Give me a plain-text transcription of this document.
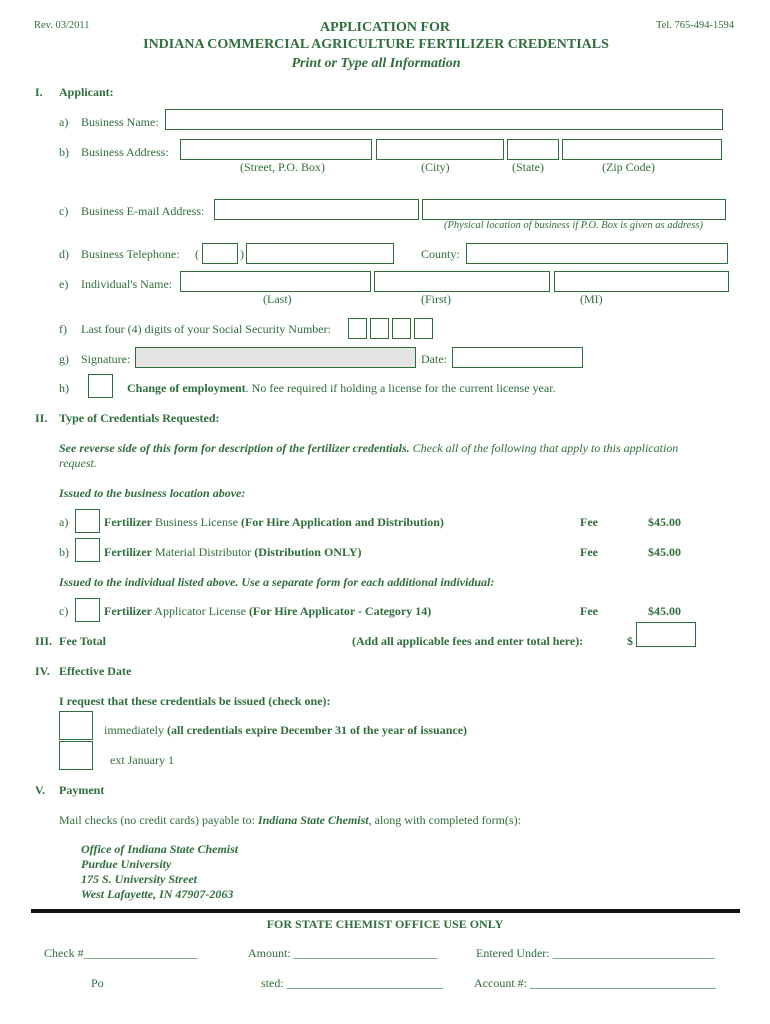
Rev. 03/2011	Tel. 765-494-1594
APPLICATION FOR
INDIANA COMMERCIAL AGRICULTURE FERTILIZER CREDENTIALS
Print or Type all Information
I. Applicant:
a) Business Name:
b) Business Address:
(Street, P.O. Box)	(City)	(State)	(Zip Code)
c) Business E-mail Address:
(Physical location of business if P.O. Box is given as address)
d) Business Telephone: (	)	County:
e) Individual's Name:
(Last)	(First)	(MI)
f) Last four (4) digits of your Social Security Number:
g) Signature:	Date:
h)	Change of employment. No fee required if holding a license for the current license year.
II. Type of Credentials Requested:
See reverse side of this form for description of the fertilizer credentials. Check all of the following that apply to this application
request.
Issued to the business location above:
a)	Fertilizer Business License (For Hire Application and Distribution)	Fee	$45.00
b)	Fertilizer Material Distributor (Distribution ONLY)	Fee	$45.00
Issued to the individual listed above. Use a separate form for each additional individual:
c)	Fertilizer Applicator License (For Hire Applicator - Category 14)	Fee	$45.00
III. Fee Total	(Add all applicable fees and enter total here):	$
IV. Effective Date
I request that these credentials be issued (check one):
immediately (all credentials expire December 31 of the year of issuance)
ext January 1
V. Payment
Mail checks (no credit cards) payable to: Indiana State Chemist, along with completed form(s):
Office of Indiana State Chemist
Purdue University
175 S. University Street
West Lafayette, IN 47907-2063
FOR STATE CHEMIST OFFICE USE ONLY
Check #___________________	Amount: ________________________	Entered Under: ___________________________
Po	sted: __________________________	Account #: _______________________________
